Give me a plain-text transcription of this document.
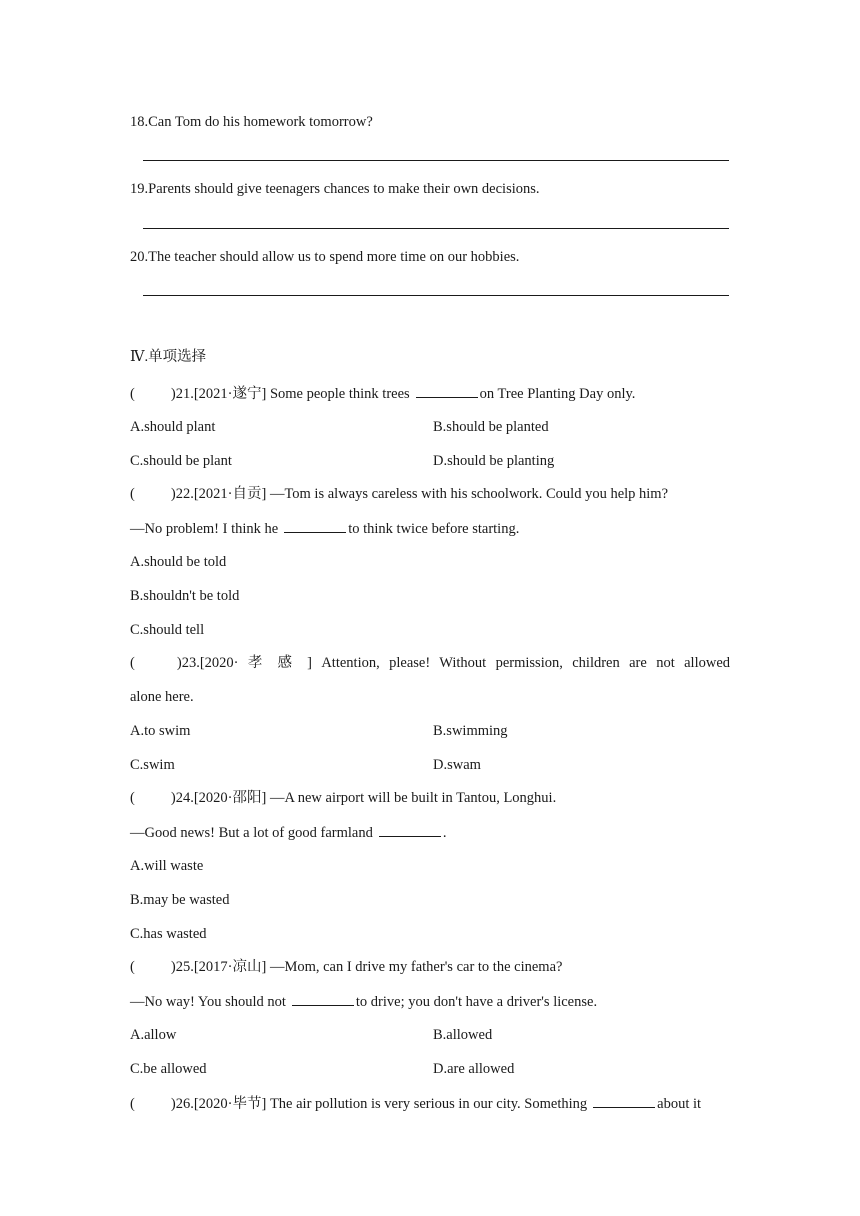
18.Can Tom do his homework tomorrow?
19.Parents should give teenagers chances to make their own decisions.
20.The teacher should allow us to spend more time on our hobbies.
Ⅳ.单项选择
( )21.[2021·遂宁] Some people think trees	on Tree Planting Day only.
A.should plant	B.should be planted
C.should be plant	D.should be planting
( )22.[2021·自贡] —Tom is always careless with his schoolwork. Could you help him?
—No problem! I think he	to think twice before starting.
A.should be told
B.shouldn't be told
C.should tell
(	)23.[2020· 孝 感 ] Attention, please! Without permission, children are not allowed
alone here.
A.to swim	B.swimming
C.swim	D.swam
( )24.[2020·邵阳] —A new airport will be built in Tantou, Longhui.
—Good news! But a lot of good farmland	.
A.will waste
B.may be wasted
C.has wasted
( )25.[2017·凉山] —Mom, can I drive my father's car to the cinema?
—No way! You should not	to drive; you don't have a driver's license.
A.allow	B.allowed
C.be allowed	D.are allowed
( )26.[2020·毕节] The air pollution is very serious in our city. Something	about it
